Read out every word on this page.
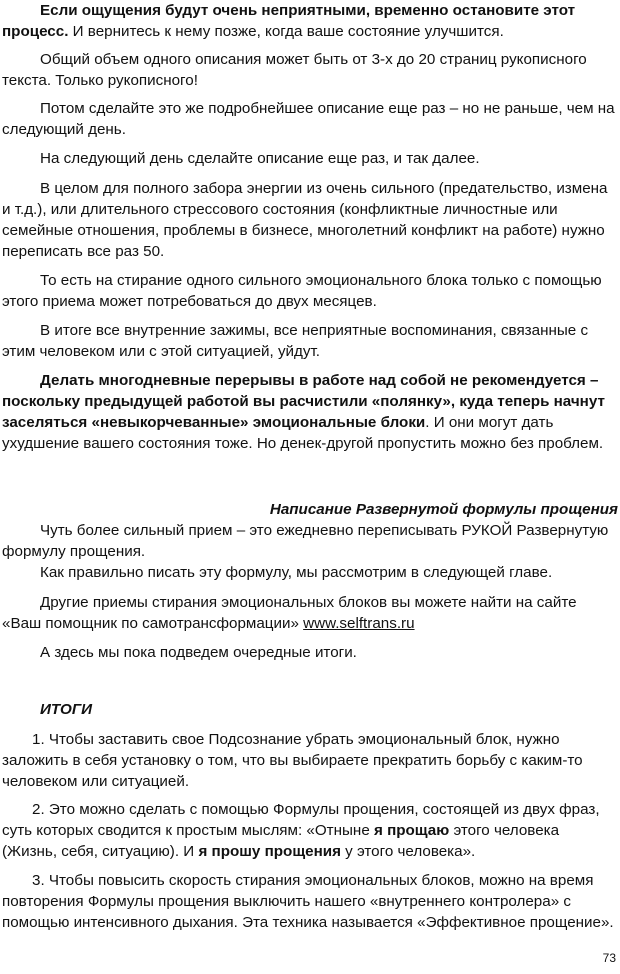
Если ощущения будут очень неприятными, временно остановите этот процесс. И вернитесь к нему позже, когда ваше состояние улучшится.

Общий объем одного описания может быть от 3-х до 20 страниц рукописного текста. Только рукописного!

Потом сделайте это же подробнейшее описание еще раз – но не раньше, чем на следующий день.

На следующий день сделайте описание еще раз, и так далее.

В целом для полного забора энергии из очень сильного (предательство, измена и т.д.), или длительного стрессового состояния (конфликтные личностные или семейные отношения, проблемы в бизнесе, многолетний конфликт на работе) нужно переписать все раз 50.

То есть на стирание одного сильного эмоционального блока только с помощью этого приема может потребоваться до двух месяцев.

В итоге все внутренние зажимы, все неприятные воспоминания, связанные с этим человеком или с этой ситуацией, уйдут.

Делать многодневные перерывы в работе над собой не рекомендуется – поскольку предыдущей работой вы расчистили «полянку», куда теперь начнут заселяться «невыкорчеванные» эмоциональные блоки. И они могут дать ухудшение вашего состояния тоже. Но денек-другой пропустить можно без проблем.

Написание Развернутой формулы прощения

Чуть более сильный прием – это ежедневно переписывать РУКОЙ Развернутую формулу прощения.

Как правильно писать эту формулу, мы рассмотрим в следующей главе.

Другие приемы стирания эмоциональных блоков вы можете найти на сайте «Ваш помощник по самотрансформации» www.selftrans.ru

А здесь мы пока подведем очередные итоги.

ИТОГИ

1. Чтобы заставить свое Подсознание убрать эмоциональный блок, нужно заложить в себя установку о том, что вы выбираете прекратить борьбу с каким-то человеком или ситуацией.

2. Это можно сделать с помощью Формулы прощения, состоящей из двух фраз, суть которых сводится к простым мыслям: «Отныне я прощаю этого человека (Жизнь, себя, ситуацию). И я прошу прощения у этого человека».

3. Чтобы повысить скорость стирания эмоциональных блоков, можно на время повторения Формулы прощения выключить нашего «внутреннего контролера» с помощью интенсивного дыхания. Эта техника называется «Эффективное прощение».

73
